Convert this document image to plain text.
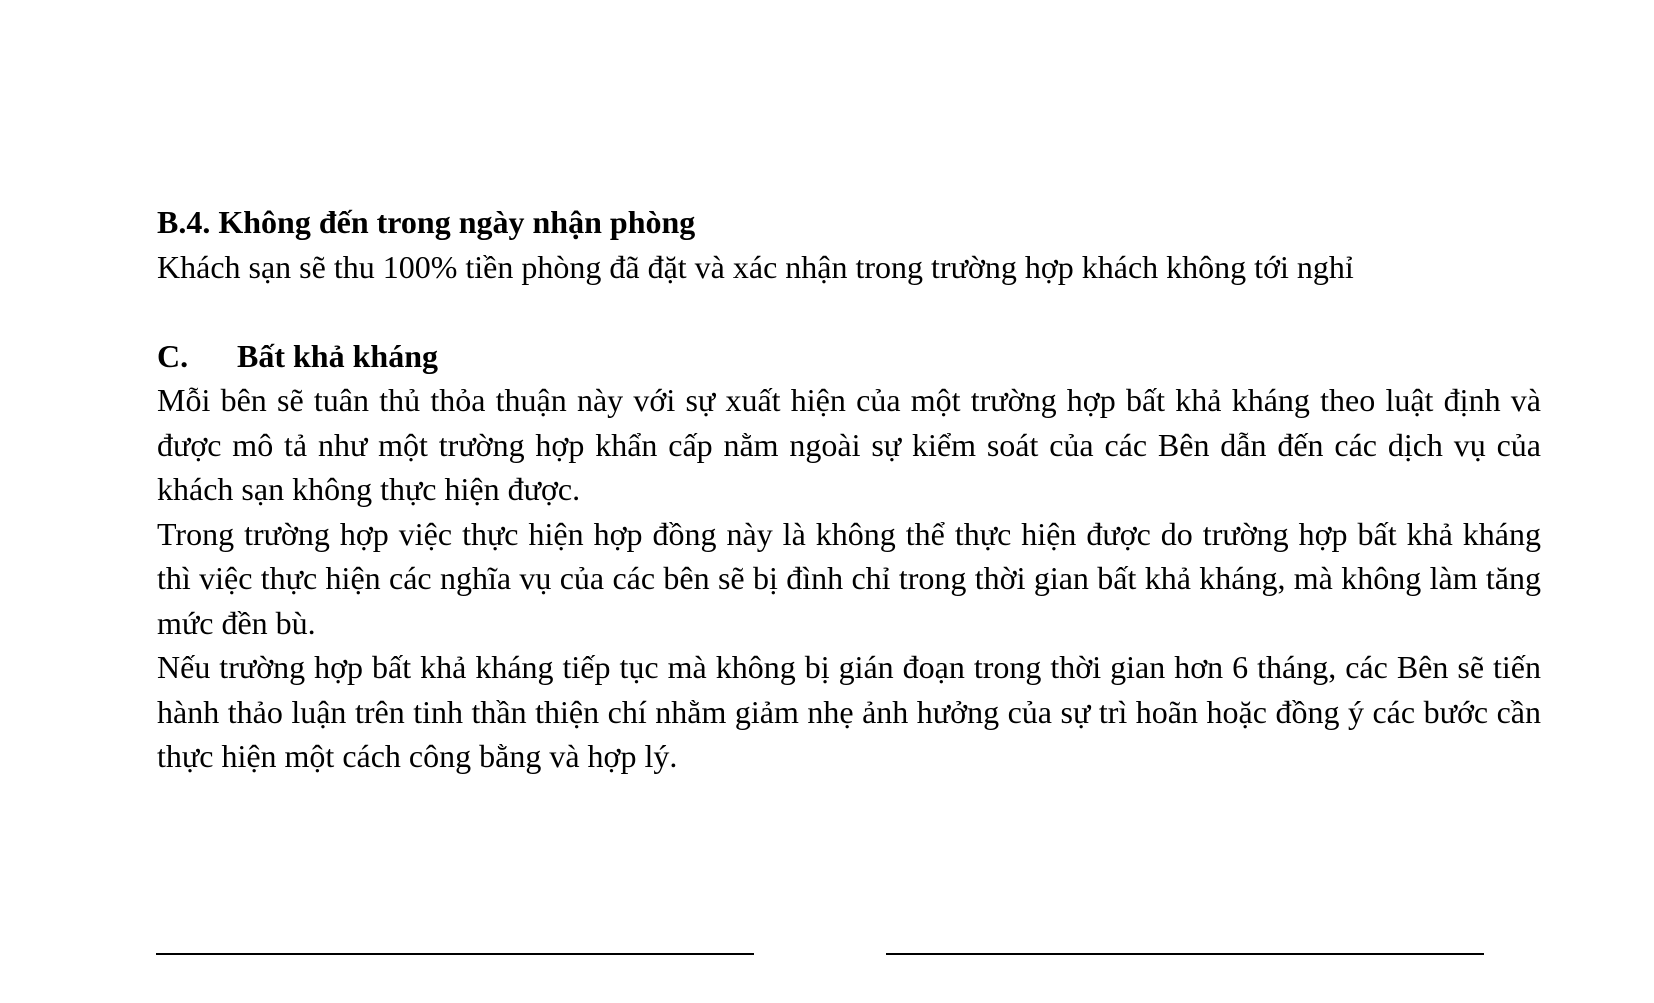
B.4. Không đến trong ngày nhận phòng

Khách sạn sẽ thu 100% tiền phòng đã đặt và xác nhận trong trường hợp khách không tới nghỉ

C.	Bất khả kháng

Mỗi bên sẽ tuân thủ thỏa thuận này với sự xuất hiện của một trường hợp bất khả kháng theo luật định và được mô tả như một trường hợp khẩn cấp nằm ngoài sự kiểm soát của các Bên dẫn đến các dịch vụ của khách sạn không thực hiện được.

Trong trường hợp việc thực hiện hợp đồng này là không thể thực hiện được do trường hợp bất khả kháng thì việc thực hiện các nghĩa vụ của các bên sẽ bị đình chỉ trong thời gian bất khả kháng, mà không làm tăng mức đền bù.

Nếu trường hợp bất khả kháng tiếp tục mà không bị gián đoạn trong thời gian hơn 6 tháng, các Bên sẽ tiến hành thảo luận trên tinh thần thiện chí nhằm giảm nhẹ ảnh hưởng của sự trì hoãn hoặc đồng ý các bước cần thực hiện một cách công bằng và hợp lý.
